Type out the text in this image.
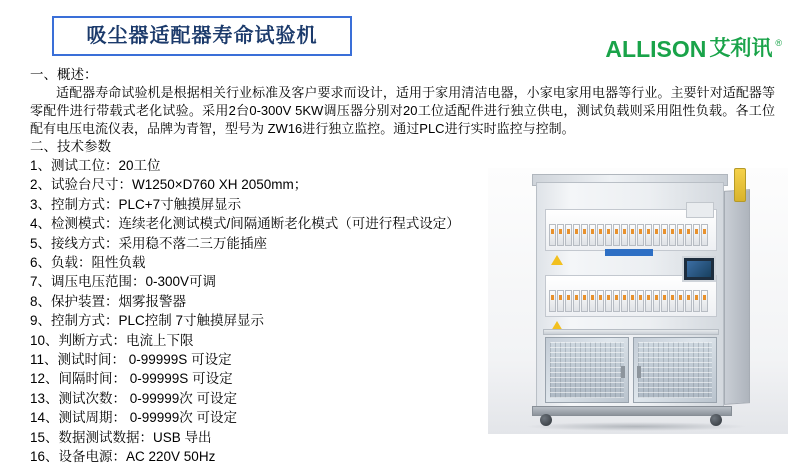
吸尘器适配器寿命试验机	ALLISON 艾利讯 ®

一、概述：

适配器寿命试验机是根据相关行业标准及客户要求而设计，适用于家用清洁电器，小家电家用电器等行业。主要针对适配器等零配件进行带载式老化试验。采用2台0-300V 5KW调压器分别对20工位适配件进行独立供电，测试负载则采用阻性负载。各工位配有电压电流仪表，品牌为青智，型号为 ZW16进行独立监控。通过PLC进行实时监控与控制。

二、技术参数

1、测试工位：20工位
2、试验台尺寸：W1250×D760 XH 2050mm；
3、控制方式：PLC+7寸触摸屏显示
4、检测模式：连续老化测试模式/间隔通断老化模式（可进行程式设定）
5、接线方式：采用稳不落二三万能插座
6、负载：阻性负载
7、调压电压范围：0-300V可调
8、保护装置：烟雾报警器
9、控制方式：PLC控制 7寸触摸屏显示
10、判断方式：电流上下限
11、测试时间： 0-99999S 可设定
12、间隔时间： 0-99999S 可设定
13、测试次数： 0-99999次 可设定
14、测试周期： 0-99999次 可设定
15、数据测试数据：USB 导出
16、设备电源：AC 220V 50Hz
